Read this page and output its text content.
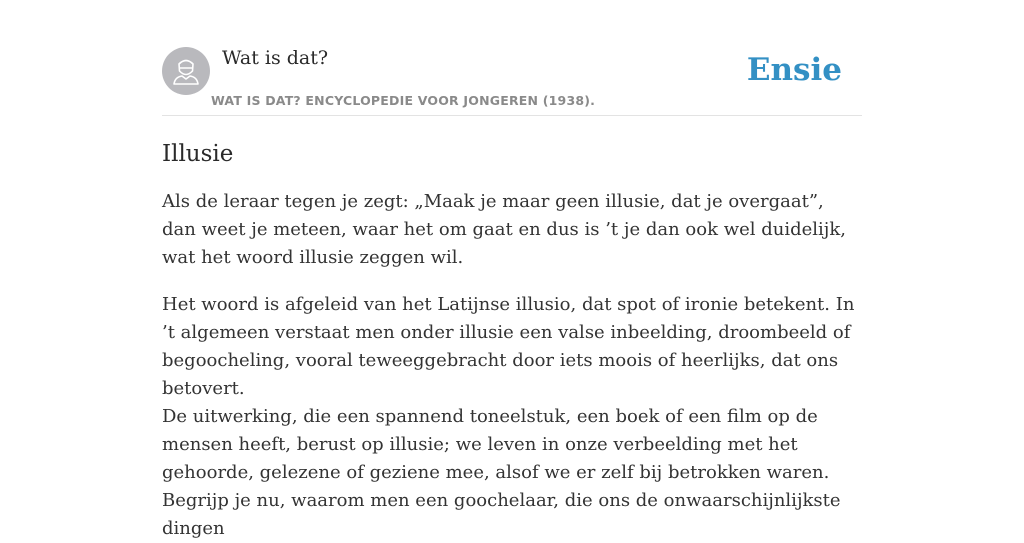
Wat is dat?
WAT IS DAT? ENCYCLOPEDIE VOOR JONGEREN (1938).
Ensie
Illusie

Als de leraar tegen je zegt: „Maak je maar geen illusie, dat je overgaat”, dan weet je meteen, waar het om gaat en dus is ’t je dan ook wel duidelijk, wat het woord illusie zeggen wil.

Het woord is afgeleid van het Latijnse illusio, dat spot of ironie betekent. In ’t algemeen verstaat men onder illusie een valse inbeelding, droombeeld of begoocheling, vooral teweeggebracht door iets moois of heerlijks, dat ons betovert.

De uitwerking, die een spannend toneelstuk, een boek of een film op de mensen heeft, berust op illusie; we leven in onze verbeelding met het gehoorde, gelezene of geziene mee, alsof we er zelf bij betrokken waren.

Begrijp je nu, waarom men een goochelaar, die ons de onwaarschijnlijkste dingen
